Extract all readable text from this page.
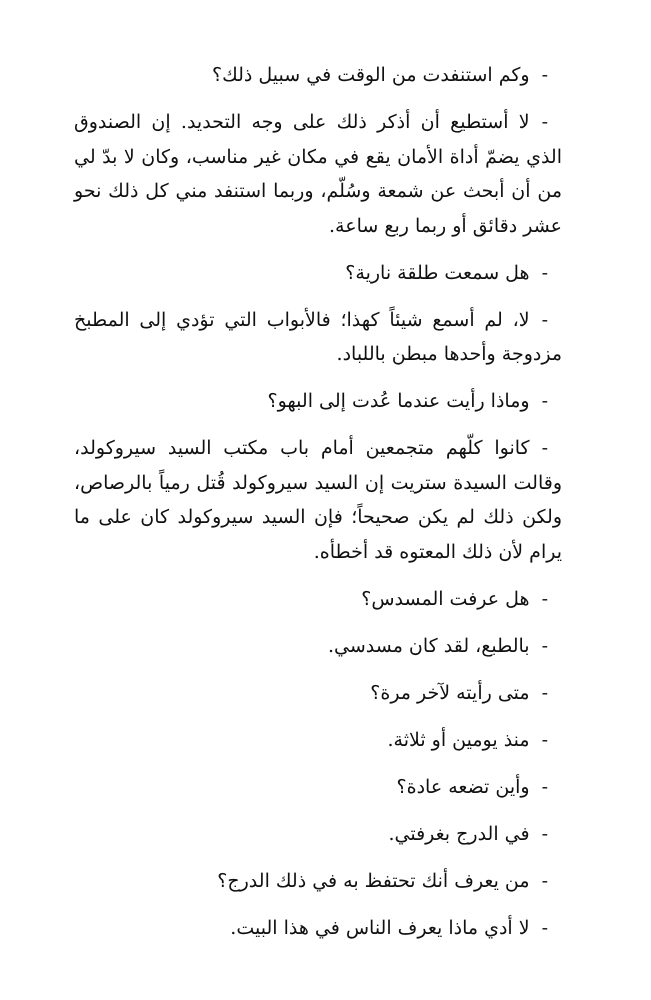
-وكم استنفدت من الوقت في سبيل ذلك؟

-لا أستطيع أن أذكر ذلك على وجه التحديد. إن الصندوق الذي يضمّ أداة الأمان يقع في مكان غير مناسب، وكان لا بدّ لي من أن أبحث عن شمعة وسُلّم، وربما استنفد مني كل ذلك نحو عشر دقائق أو ربما ربع ساعة.

-هل سمعت طلقة نارية؟

-لا، لم أسمع شيئاً كهذا؛ فالأبواب التي تؤدي إلى المطبخ مزدوجة وأحدها مبطن باللباد.

-وماذا رأيت عندما عُدت إلى البهو؟

-كانوا كلّهم متجمعين أمام باب مكتب السيد سيروكولد، وقالت السيدة ستريت إن السيد سيروكولد قُتل رمياً بالرصاص، ولكن ذلك لم يكن صحيحاً؛ فإن السيد سيروكولد كان على ما يرام لأن ذلك المعتوه قد أخطأه.

-هل عرفت المسدس؟

-بالطبع، لقد كان مسدسي.

-متى رأيته لآخر مرة؟

-منذ يومين أو ثلاثة.

-وأين تضعه عادة؟

-في الدرج بغرفتي.

-من يعرف أنك تحتفظ به في ذلك الدرج؟

-لا أدي ماذا يعرف الناس في هذا البيت.
